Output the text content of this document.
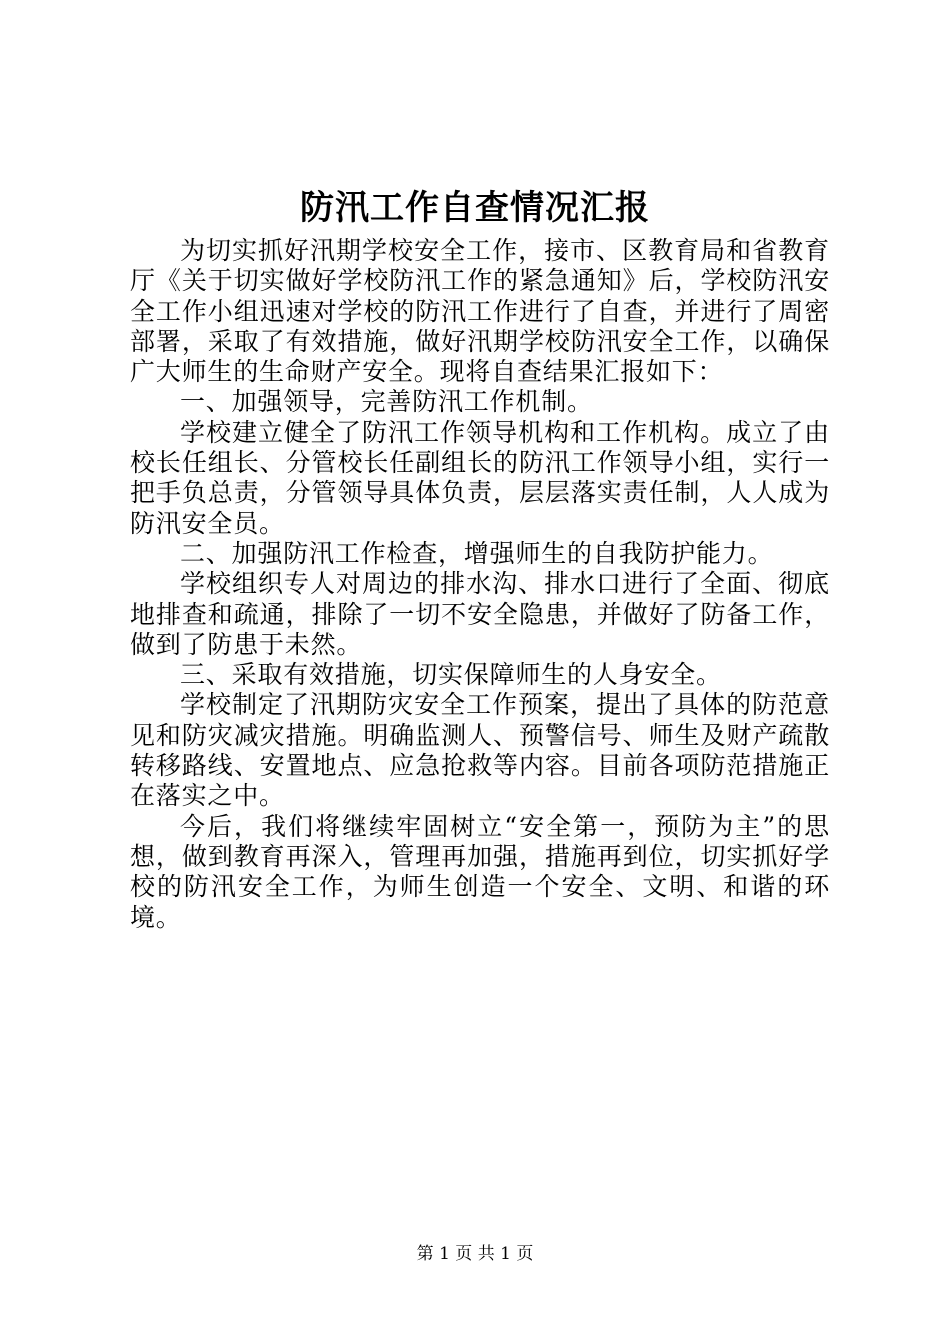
防汛工作自查情况汇报

为切实抓好汛期学校安全工作，接市、区教育局和省教育厅《关于切实做好学校防汛工作的紧急通知》后，学校防汛安全工作小组迅速对学校的防汛工作进行了自查，并进行了周密部署，采取了有效措施，做好汛期学校防汛安全工作，以确保广大师生的生命财产安全。现将自查结果汇报如下：

一、加强领导，完善防汛工作机制。

学校建立健全了防汛工作领导机构和工作机构。成立了由校长任组长、分管校长任副组长的防汛工作领导小组，实行一把手负总责，分管领导具体负责，层层落实责任制，人人成为防汛安全员。

二、加强防汛工作检查，增强师生的自我防护能力。

学校组织专人对周边的排水沟、排水口进行了全面、彻底地排查和疏通，排除了一切不安全隐患，并做好了防备工作，做到了防患于未然。

三、采取有效措施，切实保障师生的人身安全。

学校制定了汛期防灾安全工作预案，提出了具体的防范意见和防灾减灾措施。明确监测人、预警信号、师生及财产疏散转移路线、安置地点、应急抢救等内容。目前各项防范措施正在落实之中。

今后，我们将继续牢固树立“安全第一，预防为主”的思想，做到教育再深入，管理再加强，措施再到位，切实抓好学校的防汛安全工作，为师生创造一个安全、文明、和谐的环境。

第 1 页 共 1 页
